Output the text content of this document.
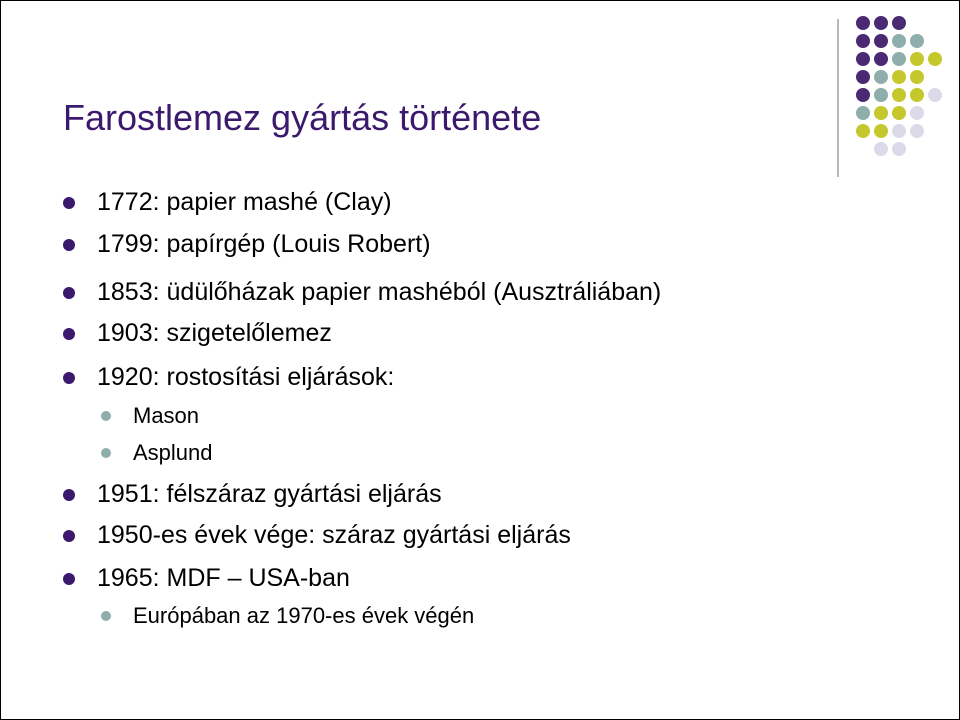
Farostlemez gyártás története
1772: papier mashé (Clay)
1799: papírgép (Louis Robert)
1853: üdülőházak papier mashéból (Ausztráliában)
1903: szigetelőlemez
1920: rostosítási eljárások:
Mason
Asplund
1951: félszáraz gyártási eljárás
1950-es évek vége: száraz gyártási eljárás
1965: MDF – USA-ban
Európában az 1970-es évek végén
